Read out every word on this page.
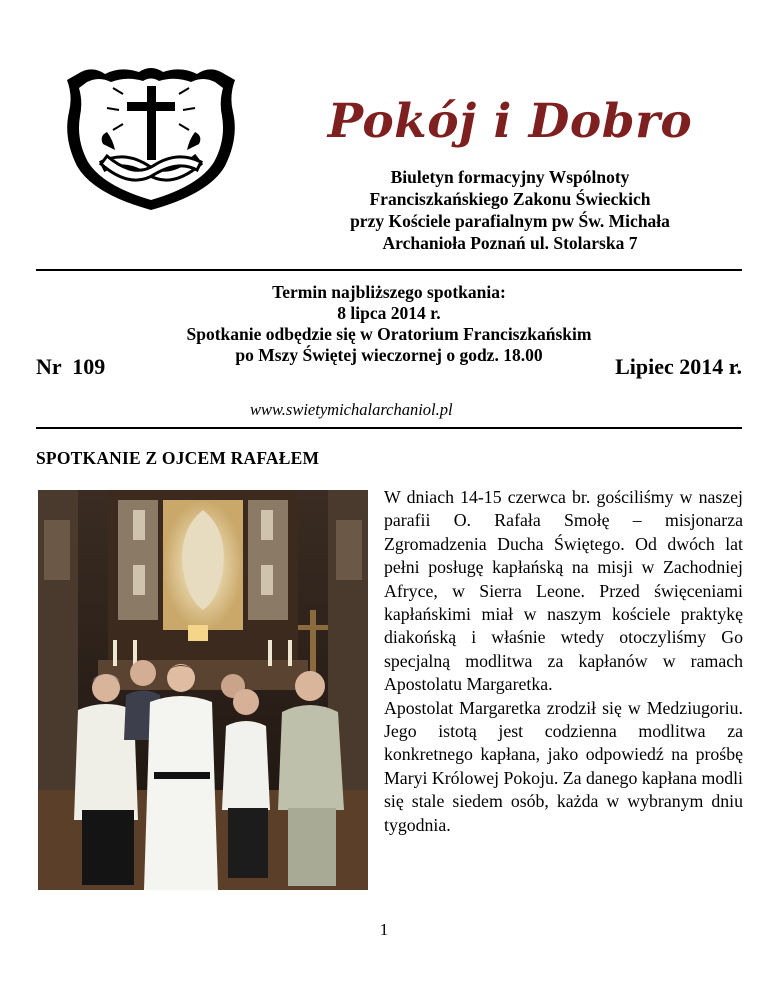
Pokój i Dobro
Biuletyn formacyjny Wspólnoty
Franciszkańskiego Zakonu Świeckich
przy Kościele parafialnym pw Św. Michała
Archanioła Poznań ul. Stolarska 7
Termin najbliższego spotkania:
8 lipca 2014 r.
Spotkanie odbędzie się w Oratorium Franciszkańskim
po Mszy Świętej wieczornej o godz. 18.00
Nr  109	Lipiec 2014 r.
www.swietymichalarchaniol.pl
SPOTKANIE Z OJCEM RAFAŁEM

W dniach 14-15 czerwca br. gościliśmy w naszej parafii O. Rafała Smołę – misjonarza Zgromadzenia Ducha Świętego. Od dwóch lat pełni posługę kapłańską na misji w Zachodniej Afryce, w Sierra Leone. Przed święceniami kapłańskimi miał w naszym kościele praktykę diakońską i właśnie wtedy otoczyliśmy Go specjalną modlitwa za kapłanów w ramach Apostolatu Margaretka.

Apostolat Margaretka zrodził się w Medziugoriu. Jego istotą jest codzienna modlitwa za konkretnego kapłana, jako odpowiedź na prośbę Maryi Królowej Pokoju. Za danego kapłana modli się stale siedem osób, każda w wybranym dniu tygodnia.

1
